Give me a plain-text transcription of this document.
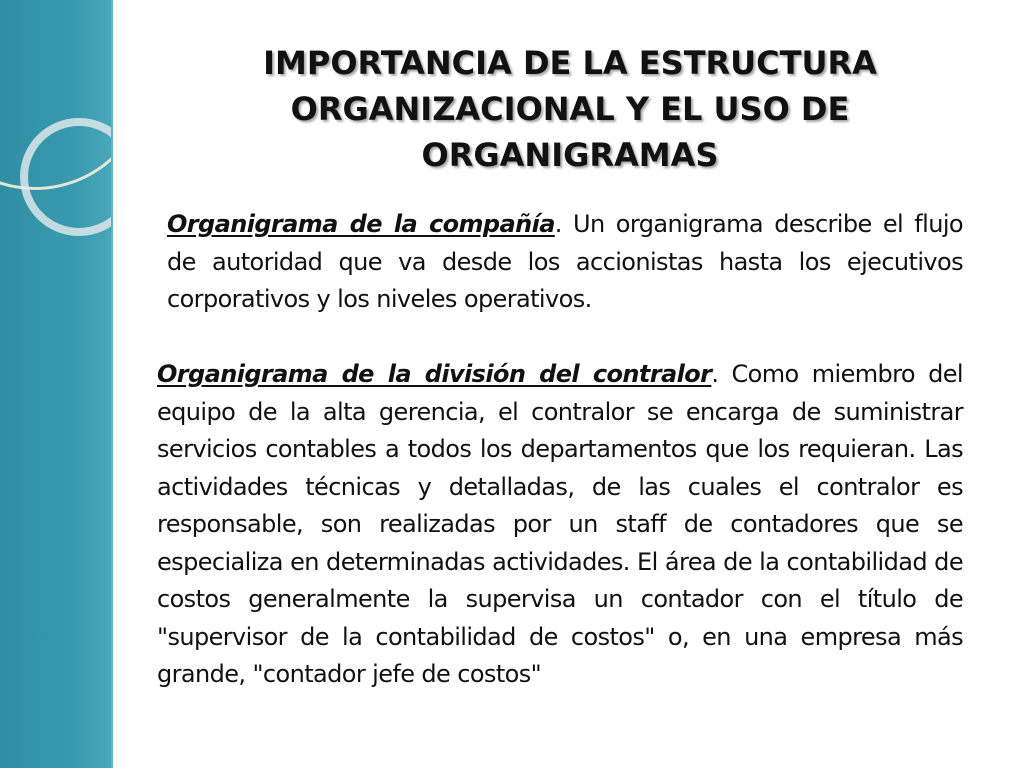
IMPORTANCIA DE LA ESTRUCTURA ORGANIZACIONAL Y EL USO DE ORGANIGRAMAS

Organigrama de la compañía. Un organigrama describe el flujo de autoridad que va desde los accionistas hasta los ejecutivos corporativos y los niveles operativos.

Organigrama de la división del contralor. Como miembro del equipo de la alta gerencia, el contralor se encarga de suministrar servicios contables a todos los departamentos que los requieran. Las actividades técnicas y detalladas, de las cuales el contralor es responsable, son realizadas por un staff de contadores que se especializa en determinadas actividades. El área de la contabilidad de costos generalmente la supervisa un contador con el título de "supervisor de la contabilidad de costos" o, en una empresa más grande, "contador jefe de costos"
